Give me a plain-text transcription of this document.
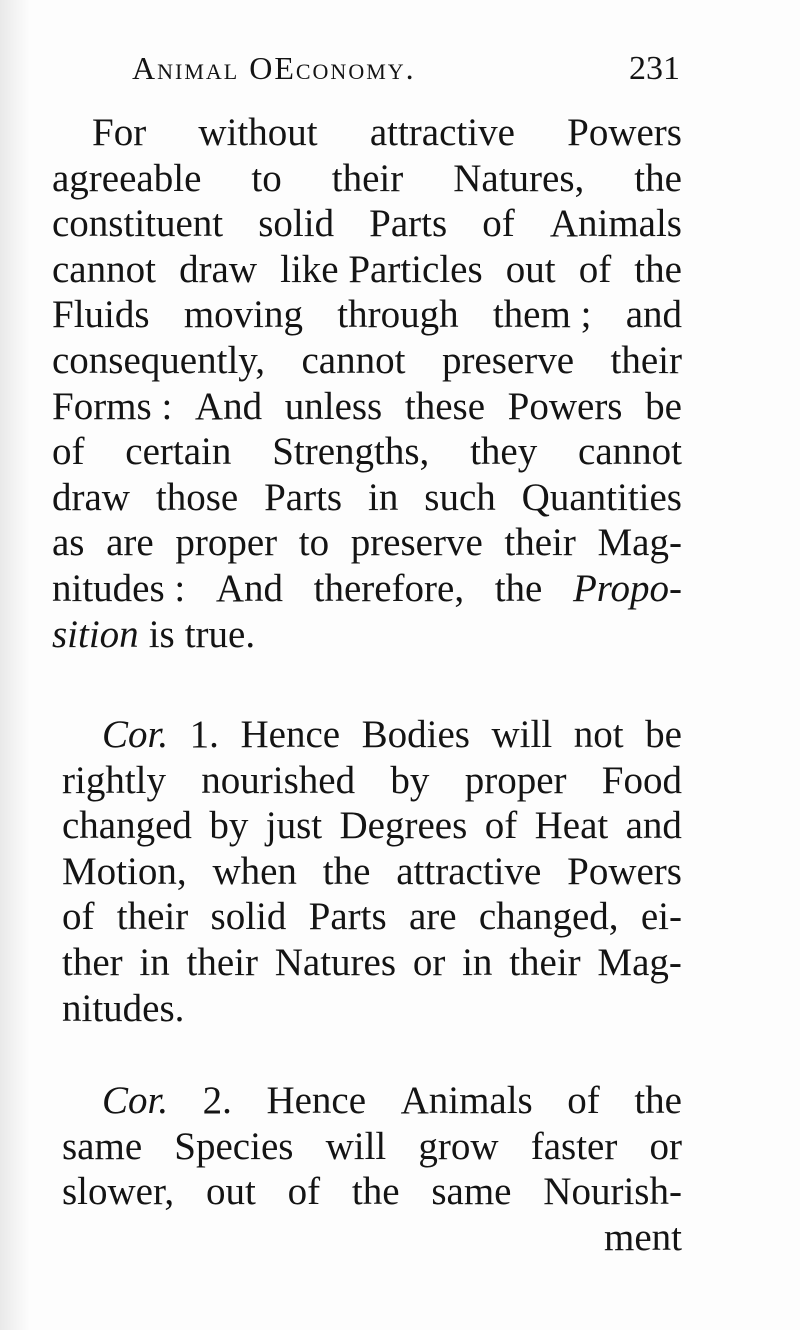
Animal OEconomy.	231
For without attractive Powers
agreeable to their Natures, the
constituent solid Parts of Animals
cannot draw like Particles out of the
Fluids moving through them ; and
consequently, cannot preserve their
Forms : And unless these Powers be
of certain Strengths, they cannot
draw those Parts in such Quantities
as are proper to preserve their Mag-
nitudes : And therefore, the Propo-
sition is true.
Cor. 1. Hence Bodies will not be
rightly nourished by proper Food
changed by just Degrees of Heat and
Motion, when the attractive Powers
of their solid Parts are changed, ei-
ther in their Natures or in their Mag-
nitudes.
Cor. 2. Hence Animals of the
same Species will grow faster or
slower, out of the same Nourish-
ment
